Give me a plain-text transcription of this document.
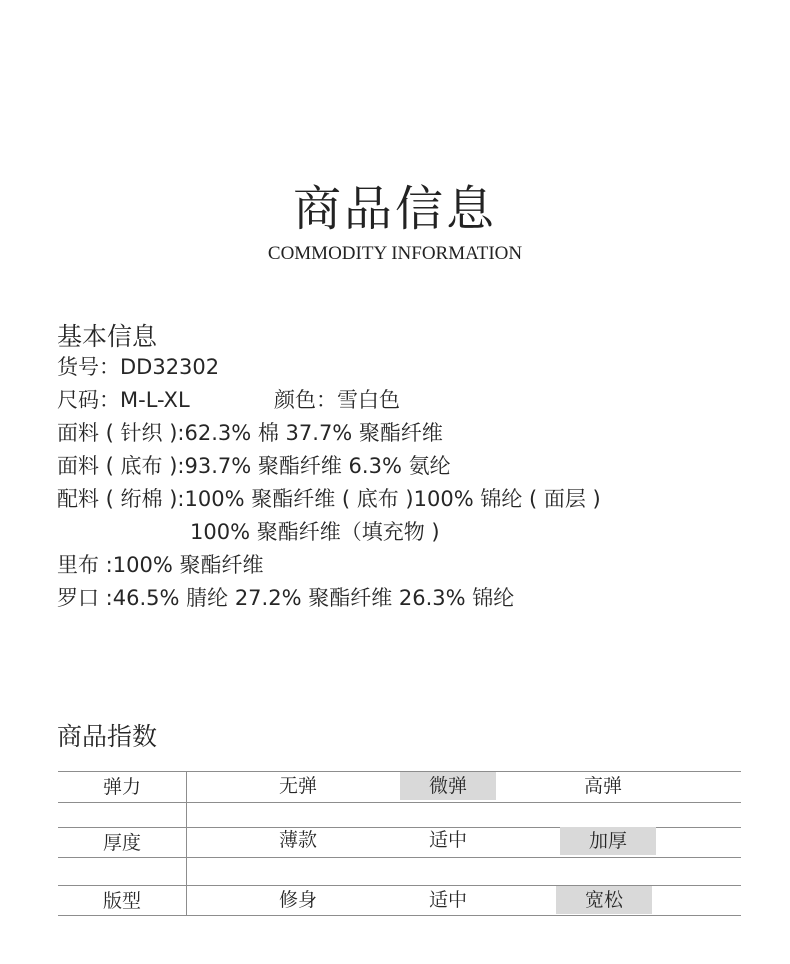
商品信息
COMMODITY INFORMATION
基本信息
货号：DD32302
尺码：M-L-XL	颜色：雪白色
面料 ( 针织 ):62.3% 棉 37.7% 聚酯纤维
面料 ( 底布 ):93.7% 聚酯纤维 6.3% 氨纶
配料 ( 绗棉 ):100% 聚酯纤维 ( 底布 )100% 锦纶 ( 面层 )
100% 聚酯纤维（填充物 )
里布 :100% 聚酯纤维
罗口 :46.5% 腈纶 27.2% 聚酯纤维 26.3% 锦纶
商品指数
弹力	无弹	微弹	高弹
厚度	薄款	适中	加厚
版型	修身	适中	宽松
